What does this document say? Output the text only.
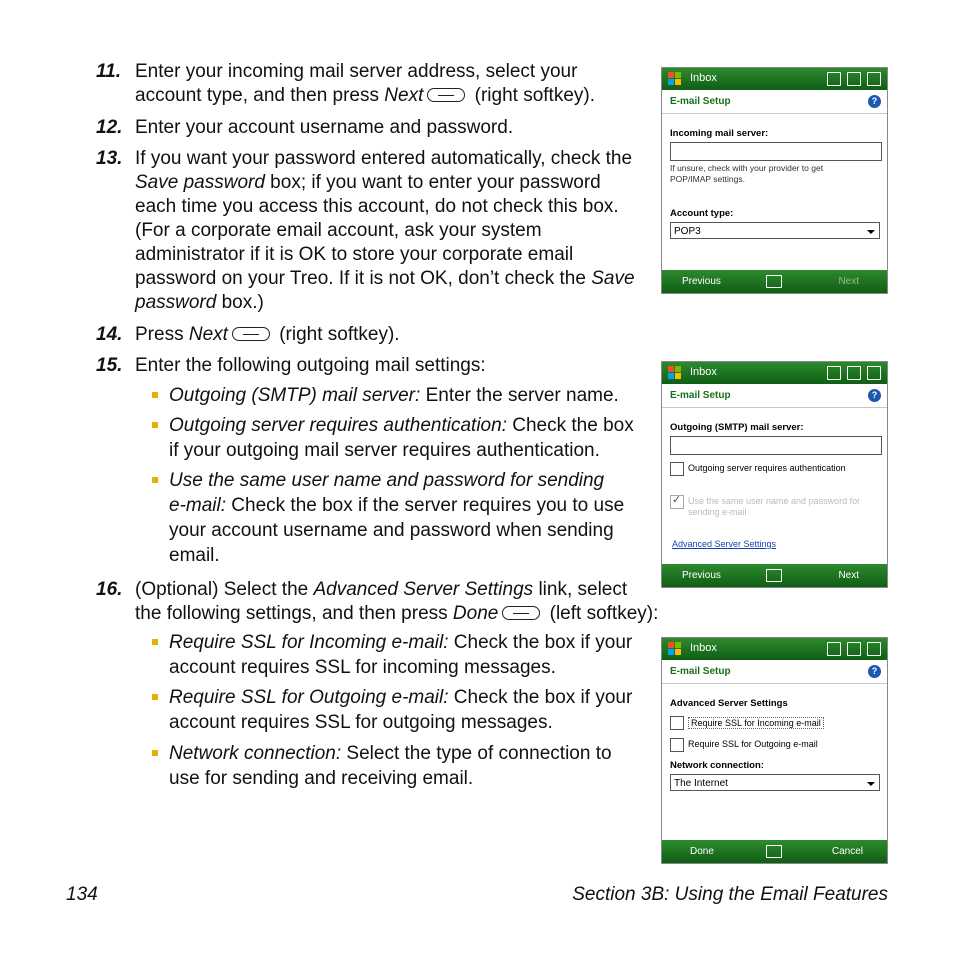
11. Enter your incoming mail server address, select your
account type, and then press Next (right softkey).
12. Enter your account username and password.
13. If you want your password entered automatically, check the
Save password box; if you want to enter your password
each time you access this account, do not check this box.
(For a corporate email account, ask your system
administrator if it is OK to store your corporate email
password on your Treo. If it is not OK, don’t check the Save
password box.)
14. Press Next (right softkey).
15. Enter the following outgoing mail settings:
Outgoing (SMTP) mail server: Enter the server name.
Outgoing server requires authentication: Check the box
if your outgoing mail server requires authentication.
Use the same user name and password for sending
e-mail: Check the box if the server requires you to use
your account username and password when sending
email.
16. (Optional) Select the Advanced Server Settings link, select
the following settings, and then press Done (left softkey):
Require SSL for Incoming e-mail: Check the box if your
account requires SSL for incoming messages.
Require SSL for Outgoing e-mail: Check the box if your
account requires SSL for outgoing messages.
Network connection: Select the type of connection to
use for sending and receiving email.
134	Section 3B: Using the Email Features
Inbox
E-mail Setup	?
Incoming mail server:
If unsure, check with your provider to get
POP/IMAP settings.
Account type:
POP3
Previous	Next
Inbox
E-mail Setup	?
Outgoing (SMTP) mail server:
Outgoing server requires authentication
✓
Use the same user name and password for
sending e-mail
Advanced Server Settings
Previous	Next
Inbox
E-mail Setup	?
Advanced Server Settings
Require SSL for Incoming e-mail
Require SSL for Outgoing e-mail
Network connection:
The Internet
Done	Cancel
